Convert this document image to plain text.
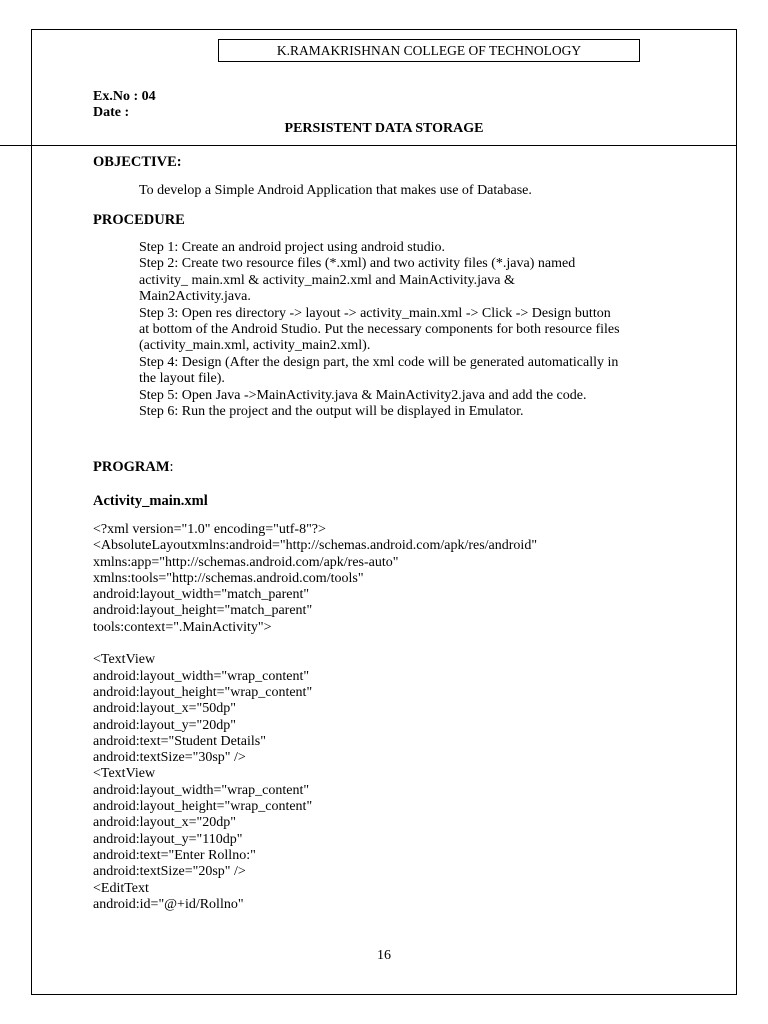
K.RAMAKRISHNAN COLLEGE OF TECHNOLOGY
Ex.No : 04
Date :
PERSISTENT DATA STORAGE
OBJECTIVE:
To develop a Simple Android Application that makes use of Database.
PROCEDURE
Step 1: Create an android project using android studio.
Step 2: Create two resource files (*.xml) and two activity files (*.java) named
activity_ main.xml & activity_main2.xml and MainActivity.java &
Main2Activity.java.
Step 3: Open res directory -> layout -> activity_main.xml -> Click -> Design button
at bottom of the Android Studio. Put the necessary components for both resource files
(activity_main.xml, activity_main2.xml).
Step 4: Design (After the design part, the xml code will be generated automatically in
the layout file).
Step 5: Open Java ->MainActivity.java & MainActivity2.java and add the code.
Step 6: Run the project and the output will be displayed in Emulator.
PROGRAM:
Activity_main.xml
<?xml version="1.0" encoding="utf-8"?>
<AbsoluteLayoutxmlns:android="http://schemas.android.com/apk/res/android"
xmlns:app="http://schemas.android.com/apk/res-auto"
xmlns:tools="http://schemas.android.com/tools"
android:layout_width="match_parent"
android:layout_height="match_parent"
tools:context=".MainActivity">
<TextView
android:layout_width="wrap_content"
android:layout_height="wrap_content"
android:layout_x="50dp"
android:layout_y="20dp"
android:text="Student Details"
android:textSize="30sp" />
<TextView
android:layout_width="wrap_content"
android:layout_height="wrap_content"
android:layout_x="20dp"
android:layout_y="110dp"
android:text="Enter Rollno:"
android:textSize="20sp" />
<EditText
android:id="@+id/Rollno"
16
